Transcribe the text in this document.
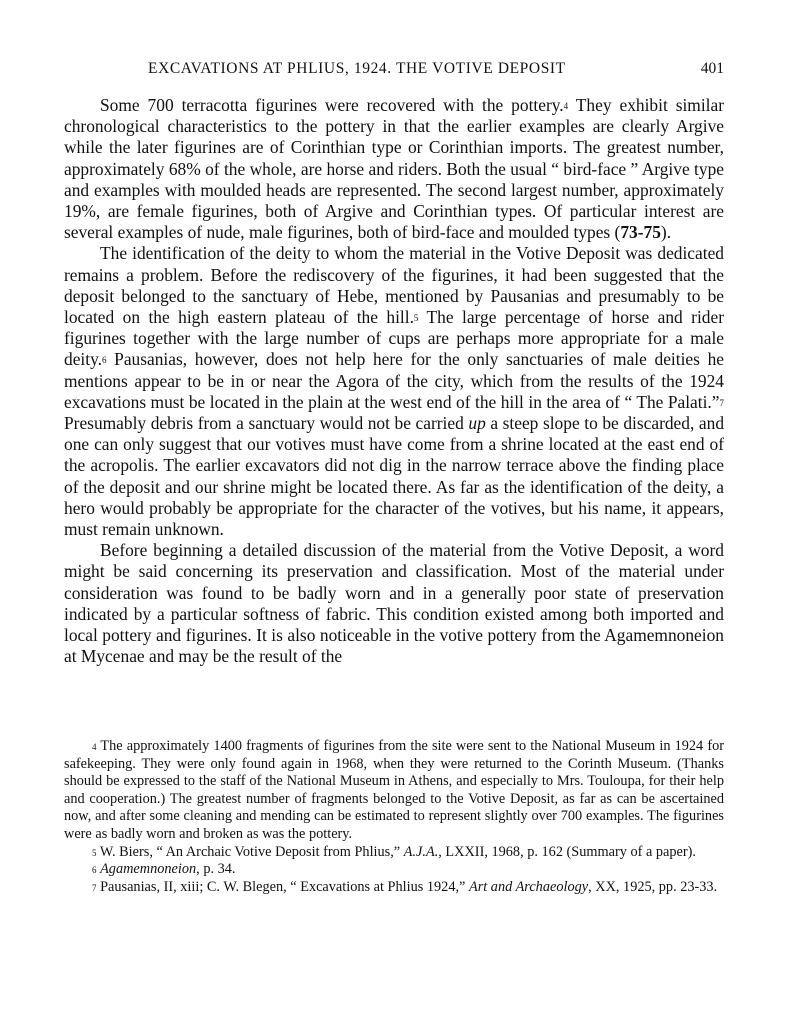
EXCAVATIONS AT PHLIUS, 1924. THE VOTIVE DEPOSIT	401

Some 700 terracotta figurines were recovered with the pottery.$^4$ They exhibit similar chronological characteristics to the pottery in that the earlier examples are clearly Argive while the later figurines are of Corinthian type or Corinthian imports. The greatest number, approximately 68% of the whole, are horse and riders. Both the usual “ bird-face ” Argive type and examples with moulded heads are represented. The second largest number, approximately 19%, are female figurines, both of Argive and Corinthian types. Of particular interest are several examples of nude, male figurines, both of bird-face and moulded types (73-75).

The identification of the deity to whom the material in the Votive Deposit was dedicated remains a problem. Before the rediscovery of the figurines, it had been suggested that the deposit belonged to the sanctuary of Hebe, mentioned by Pausanias and presumably to be located on the high eastern plateau of the hill.$^5$ The large percentage of horse and rider figurines together with the large number of cups are perhaps more appropriate for a male deity.$^6$ Pausanias, however, does not help here for the only sanctuaries of male deities he mentions appear to be in or near the Agora of the city, which from the results of the 1924 excavations must be located in the plain at the west end of the hill in the area of “ The Palati.”$^7$ Presumably debris from a sanctuary would not be carried up a steep slope to be discarded, and one can only suggest that our votives must have come from a shrine located at the east end of the acropolis. The earlier excavators did not dig in the narrow terrace above the finding place of the deposit and our shrine might be located there. As far as the identification of the deity, a hero would probably be appropriate for the character of the votives, but his name, it appears, must remain unknown.

Before beginning a detailed discussion of the material from the Votive Deposit, a word might be said concerning its preservation and classification. Most of the material under consideration was found to be badly worn and in a generally poor state of preservation indicated by a particular softness of fabric. This condition existed among both imported and local pottery and figurines. It is also noticeable in the votive pottery from the Agamemnoneion at Mycenae and may be the result of the

$^4$ The approximately 1400 fragments of figurines from the site were sent to the National Museum in 1924 for safekeeping. They were only found again in 1968, when they were returned to the Corinth Museum. (Thanks should be expressed to the staff of the National Museum in Athens, and especially to Mrs. Touloupa, for their help and cooperation.) The greatest number of fragments belonged to the Votive Deposit, as far as can be ascertained now, and after some cleaning and mending can be estimated to represent slightly over 700 examples. The figurines were as badly worn and broken as was the pottery.

$^5$ W. Biers, “ An Archaic Votive Deposit from Phlius,” A.J.A., LXXII, 1968, p. 162 (Summary of a paper).

$^6$ Agamemnoneion, p. 34.

$^7$ Pausanias, II, xiii; C. W. Blegen, “ Excavations at Phlius 1924,” Art and Archaeology, XX, 1925, pp. 23-33.
